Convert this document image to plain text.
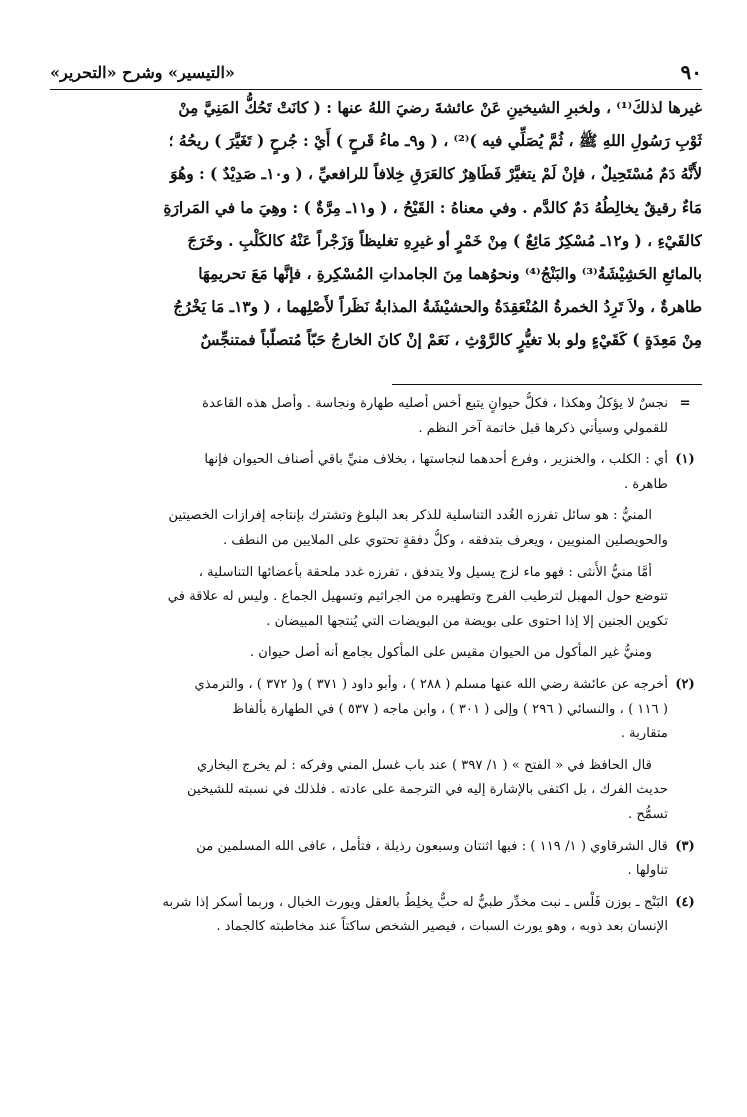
٩٠
«التيسير» وشرح «التحرير»
غيرها لذلكَ⁽¹⁾ ، ولخبرِ الشيخينِ عَنْ عائشةَ رضيَ اللهُ عنها : ( كانَتْ تَحُكُّ المَنِيَّ مِنْ
ثَوْبِ رَسُولِ اللهِ ﷺ ، ثُمَّ يُصَلِّي فيه )⁽²⁾ ، ( و٩ـ ماءُ قَرحٍ ) أَيْ : جُرحٍ ( تَغَيَّرَ ) ريحُهُ ؛
لأَنَّهُ دَمٌ مُسْتَحِيلٌ ، فإنْ لَمْ يتغيَّرْ فَطَاهِرٌ كالعَرَقِ خِلافاً للرافعيِّ ، ( و١٠ـ صَدِيْدٌ ) : وهُوَ
مَاءٌ رقيقٌ يخالِطُهُ دَمٌ كالدَّم . وفي معناهُ : القَيْحُ ، ( و١١ـ مِرَّةٌ ) : وهِيَ ما في المَرارَةِ
كالقَيْءِ ، ( و١٢ـ مُسْكِرٌ مَائِعٌ ) مِنْ خَمْرٍ أو غيرِهِ تغليظاً وَزَجْراً عَنْهُ كالكَلْبِ . وخَرَجَ
بالمائعِ الحَشِيْشَةُ⁽³⁾ والبَنْجُ⁽⁴⁾ ونحوُهما مِنَ الجامداتِ المُسْكِرةِ ، فإنَّها مَعَ تحريمِهَا
طاهرةٌ ، ولاَ تَرِدُ الخمرةُ المُنْعَقِدَةُ والحشيْشَةُ المذابةُ نَظَراً لأَصْلِهما ، ( و١٣ـ مَا يَخْرُجُ
مِنْ مَعِدَةٍ ) كَقَيْءٍ ولو بلا تغيُّرٍ كالرَّوْثِ ، نَعَمْ إنْ كانَ الخارجُ حَبّاً مُتصلّباً فمتنجِّسٌ
=
نجسٌ لا يؤكلُ وهكذا ، فكلُّ حيوانٍ يتبع أخس أصليه طهارة ونجاسة . وأصل هذه القاعدة
للقمولي وسيأتي ذكرها قبل خاتمة آخر النظم .
(١)
أي : الكلب ، والخنزير ، وفرع أحدهما لنجاستها ، بخلاف منيِّ باقي أصناف الحيوان فإنها
طاهرة .
المنيُّ : هو سائل تفرزه الغُدد التناسلية للذكر بعد البلوغ وتشترك بإنتاجه إفرازات الخصيتين
والحويصلين المنويين ، ويعرف بتدفقه ، وكلُّ دفقةٍ تحتوي على الملايين من النطف .
أمَّا منيُّ الأُنثى : فهو ماء لزج يسيل ولا يتدفق ، تفرزه غدد ملحقة بأعضائها التناسلية ،
تتوضع حول المهبل لترطيب الفرج وتطهيره من الجراثيم وتسهيل الجماع . وليس له علاقة في
تكوين الجنين إلا إذا احتوى على بويضة من البويضات التي يُنتجها المبيضان .
ومنيُّ غير المأكول من الحيوان مقيس على المأكول بجامع أنه أصل حيوان .
(٢)
أخرجه عن عائشة رضي الله عنها مسلم ( ٢٨٨ ) ، وأبو داود ( ٣٧١ ) و( ٣٧٢ ) ، والترمذي
( ١١٦ ) ، والنسائي ( ٢٩٦ ) وإلى ( ٣٠١ ) ، وابن ماجه ( ٥٣٧ ) في الطهارة بألفاظ
متقاربة .
قال الحافظ في « الفتح » ( ١/ ٣٩٧ ) عند باب غسل المني وفركه : لم يخرج البخاري
حديث الفرك ، بل اكتفى بالإشارة إليه في الترجمة على عادته . فلذلك في نسبته للشيخين
تسمُّح .
(٣)
قال الشرقاوي ( ١/ ١١٩ ) : فيها اثنتان وسبعون رذيلة ، فتأمل ، عافى الله المسلمين من
تناولها .
(٤)
البَنْج ـ بوزن فَلْس ـ نبت مخدِّر طبيٌّ له حبٌّ يخلِطُ بالعقل ويورث الخبال ، وربما أسكر إذا شربه
الإنسان بعد ذوبه ، وهو يورث السبات ، فيصير الشخص ساكتاً عند مخاطبته كالجماد .
